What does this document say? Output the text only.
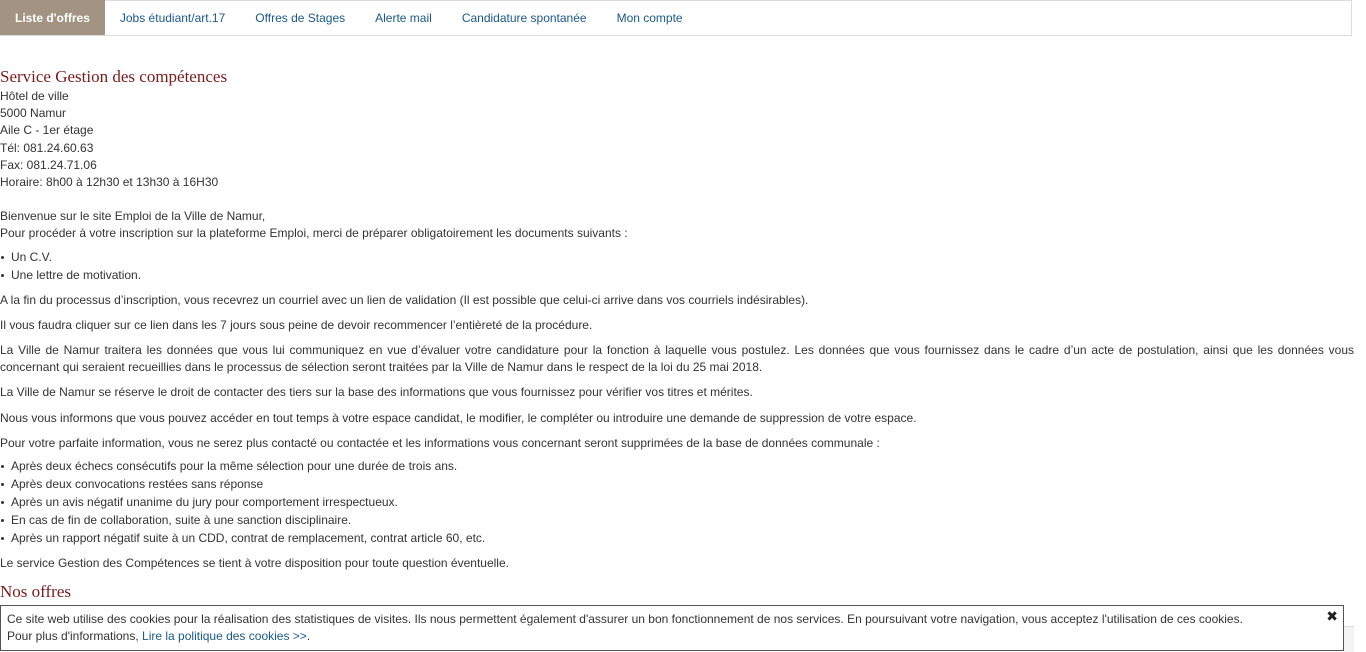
Liste d'offres	Jobs étudiant/art.17	Offres de Stages	Alerte mail	Candidature spontanée	Mon compte
Service Gestion des compétences
Hôtel de ville
5000 Namur
Aile C - 1er étage
Tél: 081.24.60.63
Fax: 081.24.71.06
Horaire: 8h00 à 12h30 et 13h30 à 16H30
Bienvenue sur le site Emploi de la Ville de Namur,
Pour procéder à votre inscription sur la plateforme Emploi, merci de préparer obligatoirement les documents suivants :
Un C.V.
Une lettre de motivation.

A la fin du processus d’inscription, vous recevrez un courriel avec un lien de validation (Il est possible que celui-ci arrive dans vos courriels indésirables).

Il vous faudra cliquer sur ce lien dans les 7 jours sous peine de devoir recommencer l’entièreté de la procédure.

La Ville de Namur traitera les données que vous lui communiquez en vue d’évaluer votre candidature pour la fonction à laquelle vous postulez. Les données que vous fournissez dans le cadre d’un acte de postulation, ainsi que les données vous concernant qui seraient recueillies dans le processus de sélection seront traitées par la Ville de Namur dans le respect de la loi du 25 mai 2018.

La Ville de Namur se réserve le droit de contacter des tiers sur la base des informations que vous fournissez pour vérifier vos titres et mérites.

Nous vous informons que vous pouvez accéder en tout temps à votre espace candidat, le modifier, le compléter ou introduire une demande de suppression de votre espace.

Pour votre parfaite information, vous ne serez plus contacté ou contactée et les informations vous concernant seront supprimées de la base de données communale :

Après deux échecs consécutifs pour la même sélection pour une durée de trois ans.
Après deux convocations restées sans réponse
Après un avis négatif unanime du jury pour comportement irrespectueux.
En cas de fin de collaboration, suite à une sanction disciplinaire.
Après un rapport négatif suite à un CDD, contrat de remplacement, contrat article 60, etc.

Le service Gestion des Compétences se tient à votre disposition pour toute question éventuelle.

Nos offres
Ce site web utilise des cookies pour la réalisation des statistiques de visites. Ils nous permettent également d'assurer un bon fonctionnement de nos services. En poursuivant votre navigation, vous acceptez l'utilisation de ces cookies.
Pour plus d'informations, Lire la politique des cookies >>.
✖
